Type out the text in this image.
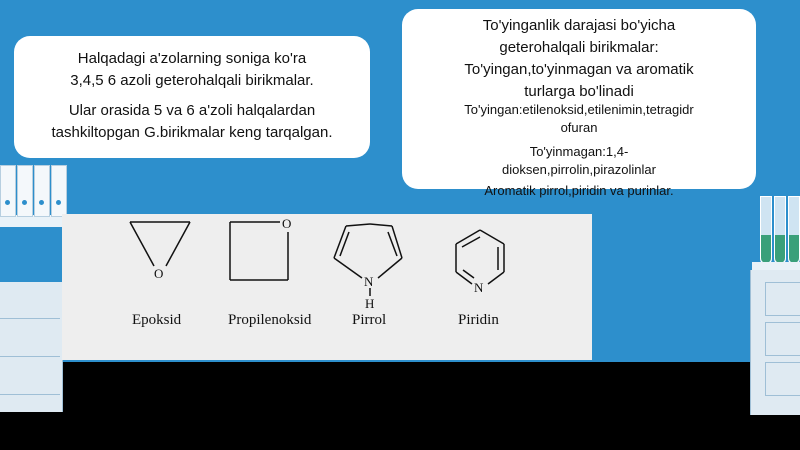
Halqadagi a'zolarning soniga ko'ra
3,4,5 6 azoli geterohalqali birikmalar.
Ular orasida 5 va 6 a'zoli halqalardan
tashkiltopgan G.birikmalar keng tarqalgan.
To'yinganlik darajasi bo'yicha
geterohalqali birikmalar:
To'yingan,to'yinmagan va aromatik
turlarga bo'linadi
To'yingan:etilenoksid,etilenimin,tetragidr
ofuran
To'yinmagan:1,4-
dioksen,pirrolin,pirazolinlar
Aromatik pirrol,piridin va purinlar.
O
O
N
H
N
Epoksid	Propilenoksid	Pirrol	Piridin
